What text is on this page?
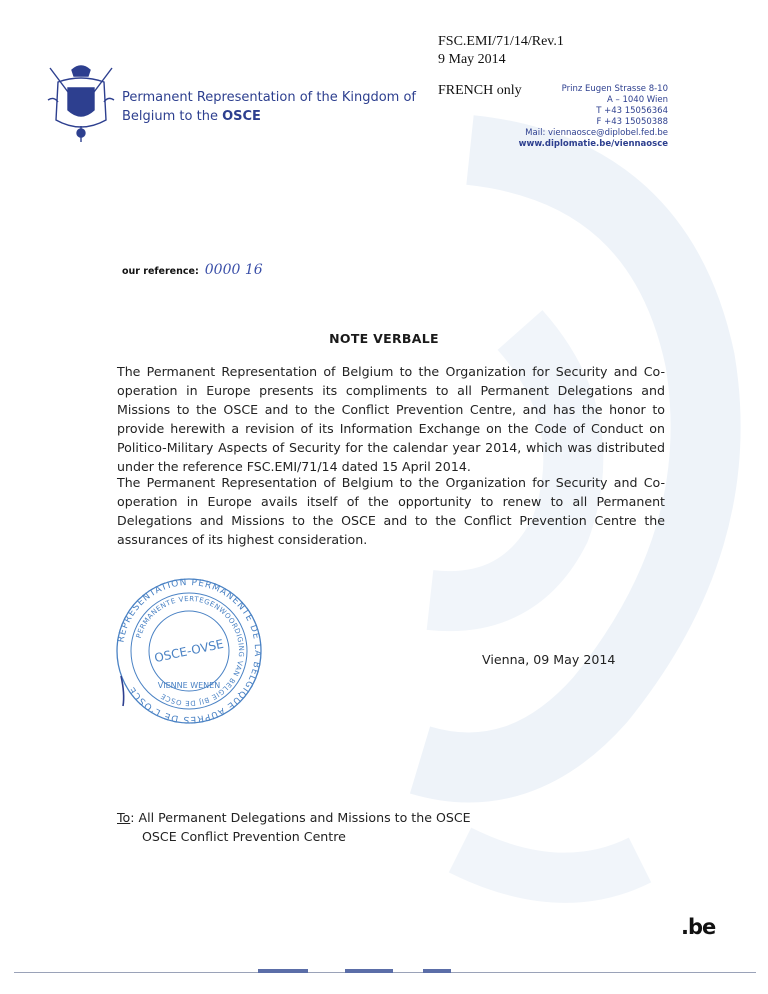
FSC.EMI/71/14/Rev.1
9 May 2014
FRENCH only
Permanent Representation of the Kingdom of
Belgium to the OSCE
Prinz Eugen Strasse 8-10
A – 1040 Wien
T +43 15056364
F +43 15050388
Mail: viennaosce@diplobel.fed.be
www.diplomatie.be/viennaosce
our reference: 0000 16
NOTE VERBALE

The Permanent Representation of Belgium to the Organization for Security and Co-operation in Europe presents its compliments to all Permanent Delegations and Missions to the OSCE and to the Conflict Prevention Centre, and has the honor to provide herewith a revision of its Information Exchange on the Code of Conduct on Politico-Military Aspects of Security for the calendar year 2014, which was distributed under the reference FSC.EMI/71/14 dated 15 April 2014.

The Permanent Representation of Belgium to the Organization for Security and Co-operation in Europe avails itself of the opportunity to renew to all Permanent Delegations and Missions to the OSCE and to the Conflict Prevention Centre the assurances of its highest consideration.

REPRESENTATION PERMANENTE DE LA BELGIQUE AUPRES DE L'OSCE
PERMANENTE VERTEGENWOORDIGING VAN BELGIE BIJ DE OSCE
OSCE-OVSE
VIENNE WENEN
Vienna, 09 May 2014
To: All Permanent Delegations and Missions to the OSCE
OSCE Conflict Prevention Centre
.be
